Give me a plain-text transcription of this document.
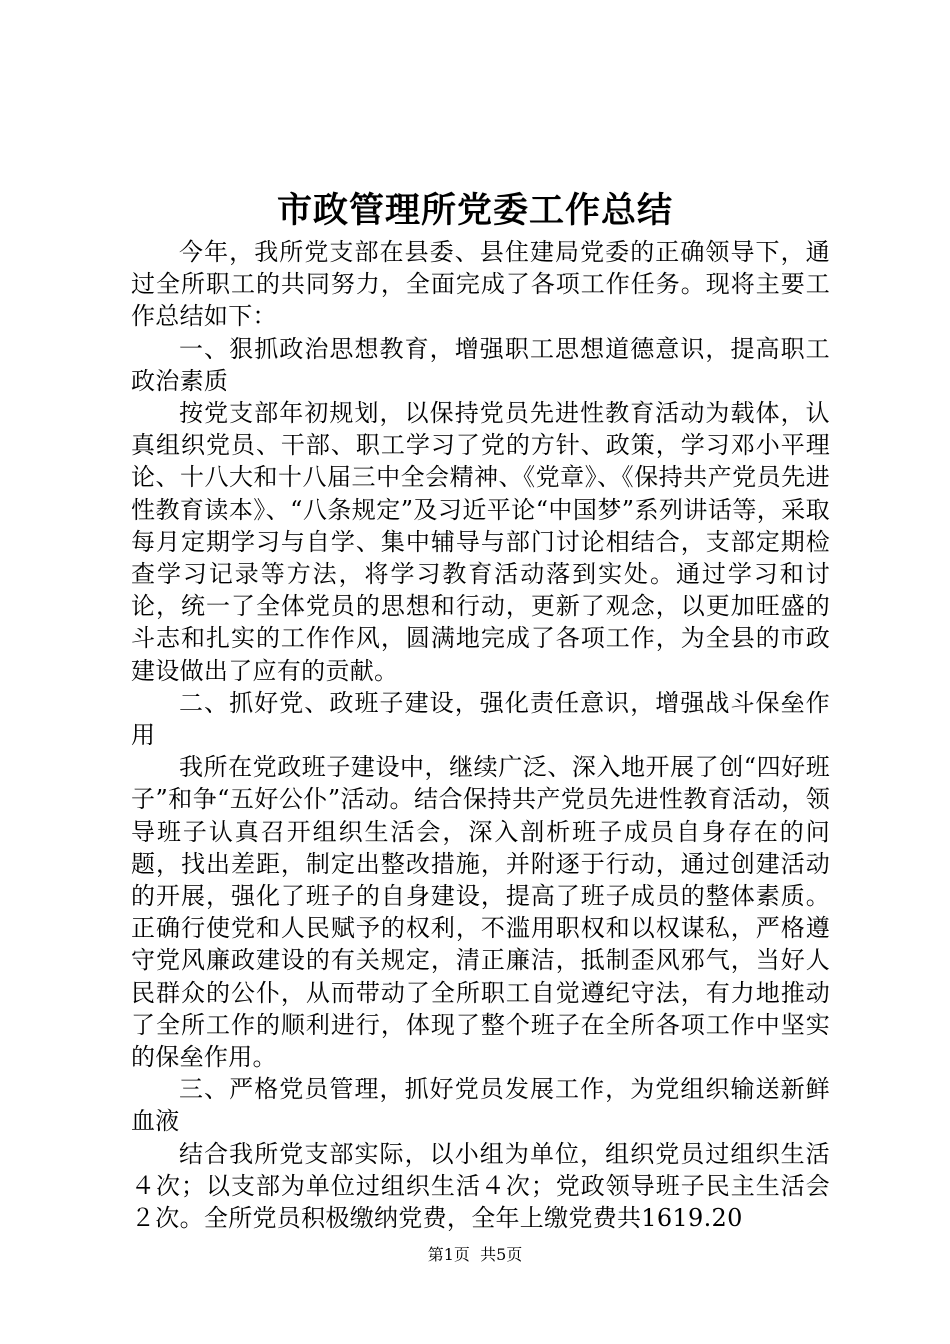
市政管理所党委工作总结

今年，我所党支部在县委、县住建局党委的正确领导下，通过全所职工的共同努力，全面完成了各项工作任务。现将主要工作总结如下：

一、狠抓政治思想教育，增强职工思想道德意识，提高职工政治素质

按党支部年初规划，以保持党员先进性教育活动为载体，认真组织党员、干部、职工学习了党的方针、政策，学习邓小平理论、十八大和十八届三中全会精神、《党章》、《保持共产党员先进性教育读本》、“八条规定”及习近平论“中国梦”系列讲话等，采取每月定期学习与自学、集中辅导与部门讨论相结合，支部定期检查学习记录等方法，将学习教育活动落到实处。通过学习和讨论，统一了全体党员的思想和行动，更新了观念，以更加旺盛的斗志和扎实的工作作风，圆满地完成了各项工作，为全县的市政建设做出了应有的贡献。

二、抓好党、政班子建设，强化责任意识，增强战斗保垒作用

我所在党政班子建设中，继续广泛、深入地开展了创“四好班子”和争“五好公仆”活动。结合保持共产党员先进性教育活动，领导班子认真召开组织生活会，深入剖析班子成员自身存在的问题，找出差距，制定出整改措施，并附逐于行动，通过创建活动的开展，强化了班子的自身建设，提高了班子成员的整体素质。正确行使党和人民赋予的权利，不滥用职权和以权谋私，严格遵守党风廉政建设的有关规定，清正廉洁，抵制歪风邪气，当好人民群众的公仆，从而带动了全所职工自觉遵纪守法，有力地推动了全所工作的顺利进行，体现了整个班子在全所各项工作中坚实的保垒作用。

三、严格党员管理，抓好党员发展工作，为党组织输送新鲜血液

结合我所党支部实际，以小组为单位，组织党员过组织生活４次；以支部为单位过组织生活４次；党政领导班子民主生活会２次。全所党员积极缴纳党费，全年上缴党费共1619.20

第1页 共5页
